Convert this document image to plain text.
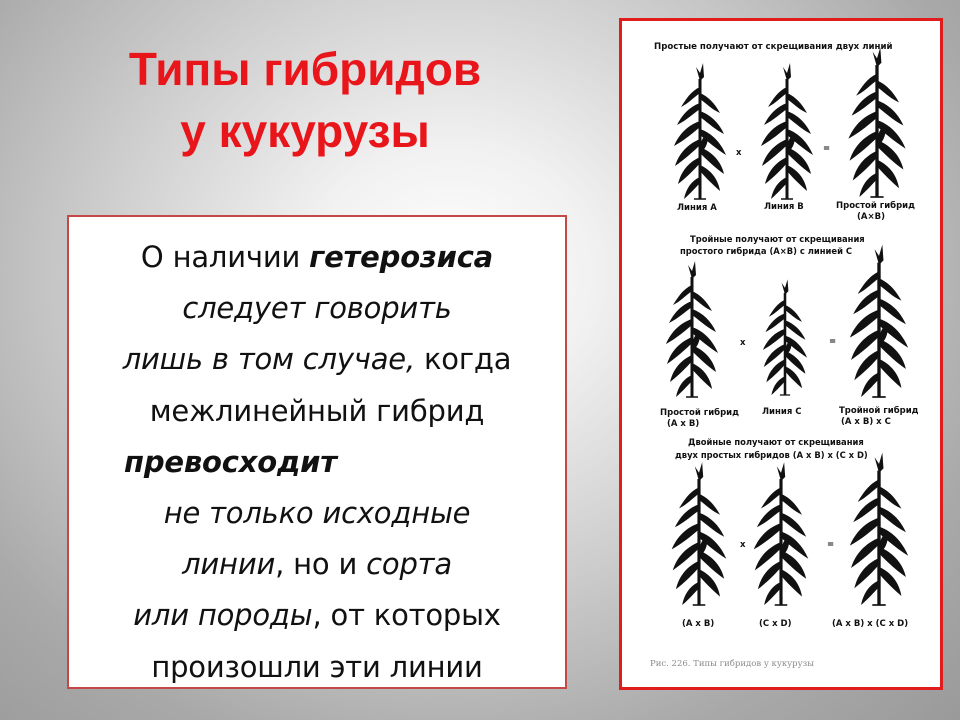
Типы гибридов
у кукурузы
О наличии гетерозиса
следует говорить
лишь в том случае, когда
межлинейный гибрид
превосходит
не только исходные
линии, но и сорта
или породы, от которых
произошли эти линии
Простые получают от скрещивания двух линий
x	=
Линия А	Линия В	Простой гибрид
(А×В)
Тройные получают от скрещивания
простого гибрида (А×В) с линией С
x	=
Простой гибрид
(А х В)
Линия С	Тройной гибрид
(А х В) х С
Двойные получают от скрещивания
двух простых гибридов (А х В) х (С х D)
x	=
(А х В)	(С х D)	(А х В) х (С х D)
Рис. 226. Типы гибридов у кукурузы
